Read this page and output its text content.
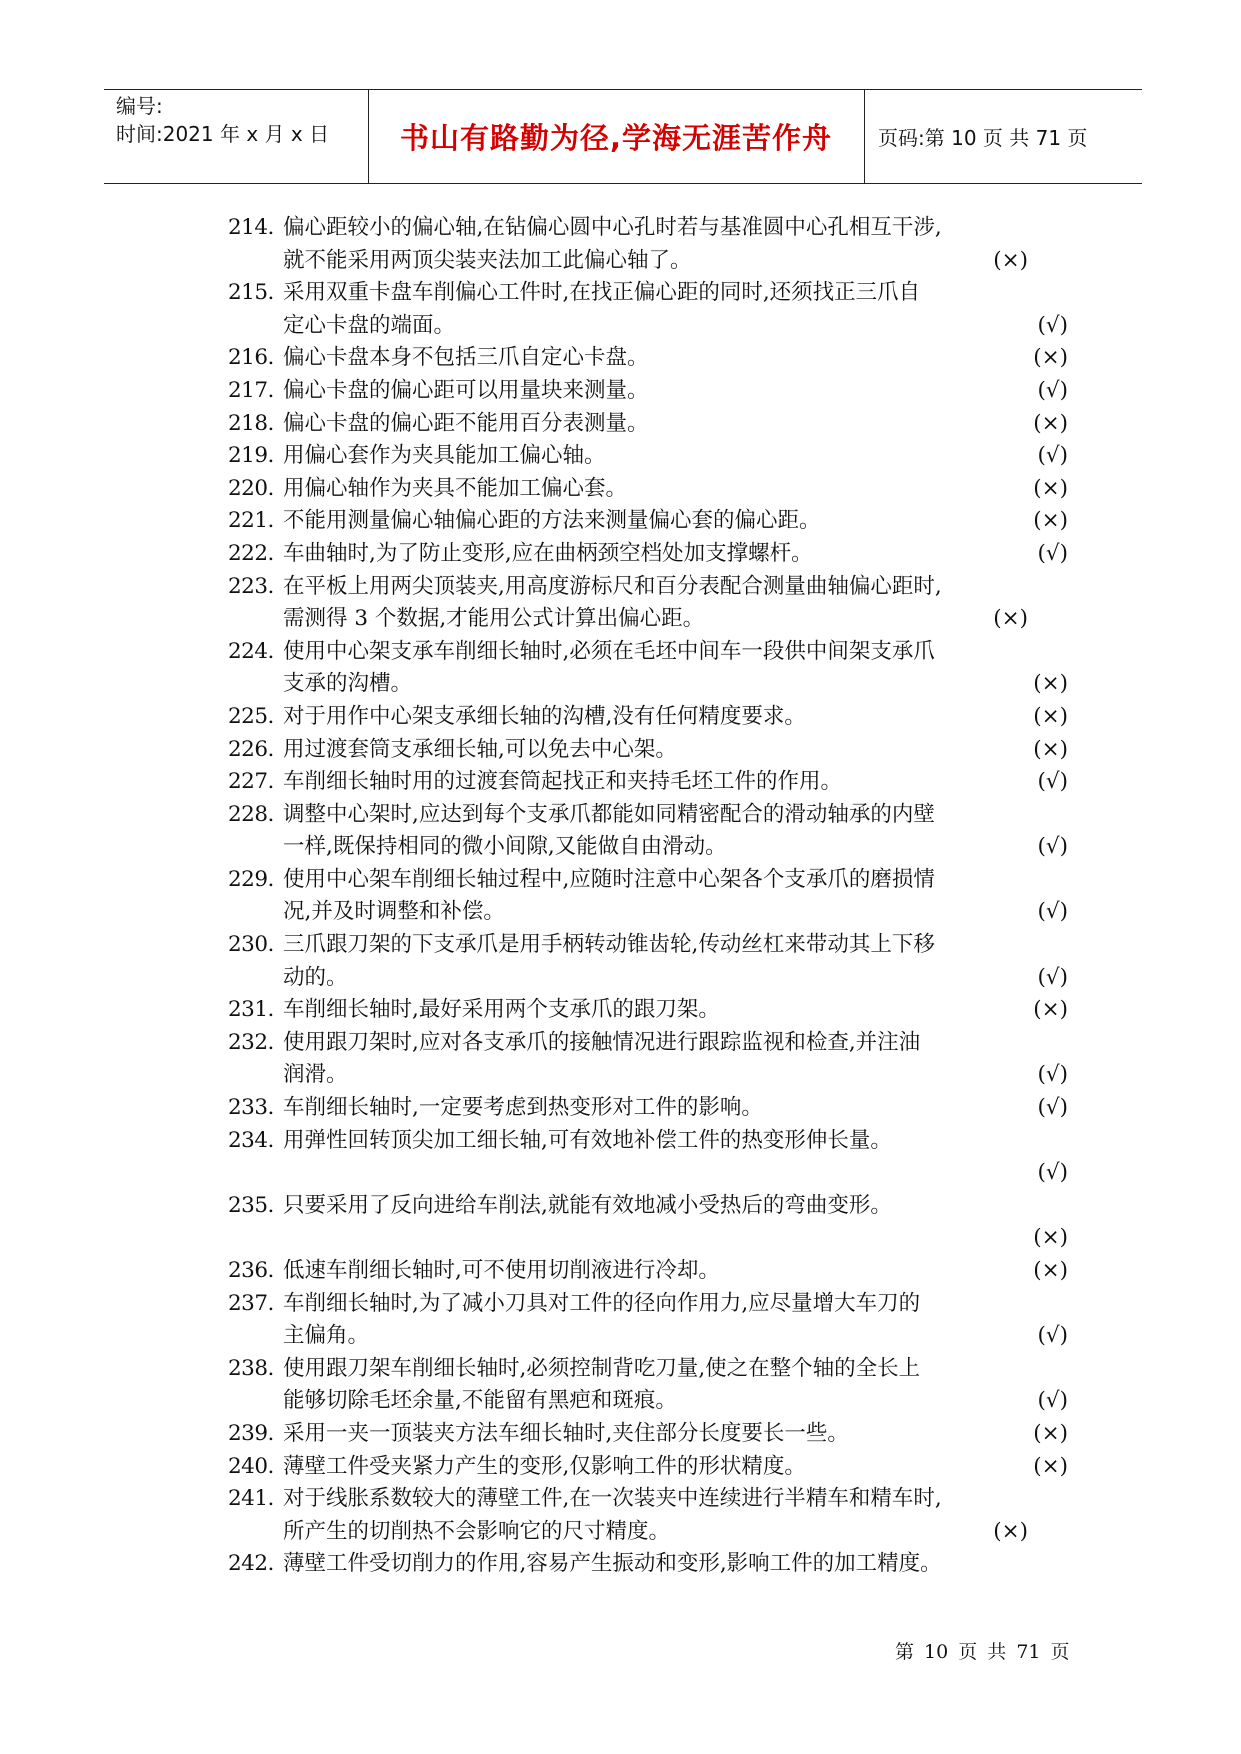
编号:
时间:2021 年 x 月 x 日	书山有路勤为径,学海无涯苦作舟	页码:第 10 页 共 71 页
214. 偏心距较小的偏心轴,在钻偏心圆中心孔时若与基准圆中心孔相互干涉,
就不能采用两顶尖装夹法加工此偏心轴了。	(×)
215. 采用双重卡盘车削偏心工件时,在找正偏心距的同时,还须找正三爪自
定心卡盘的端面。	(√)
216. 偏心卡盘本身不包括三爪自定心卡盘。	(×)
217. 偏心卡盘的偏心距可以用量块来测量。	(√)
218. 偏心卡盘的偏心距不能用百分表测量。	(×)
219. 用偏心套作为夹具能加工偏心轴。	(√)
220. 用偏心轴作为夹具不能加工偏心套。	(×)
221. 不能用测量偏心轴偏心距的方法来测量偏心套的偏心距。	(×)
222. 车曲轴时,为了防止变形,应在曲柄颈空档处加支撑螺杆。	(√)
223. 在平板上用两尖顶装夹,用高度游标尺和百分表配合测量曲轴偏心距时,
需测得 3 个数据,才能用公式计算出偏心距。	(×)
224. 使用中心架支承车削细长轴时,必须在毛坯中间车一段供中间架支承爪
支承的沟槽。	(×)
225. 对于用作中心架支承细长轴的沟槽,没有任何精度要求。	(×)
226. 用过渡套筒支承细长轴,可以免去中心架。	(×)
227. 车削细长轴时用的过渡套筒起找正和夹持毛坯工件的作用。	(√)
228. 调整中心架时,应达到每个支承爪都能如同精密配合的滑动轴承的内壁
一样,既保持相同的微小间隙,又能做自由滑动。	(√)
229. 使用中心架车削细长轴过程中,应随时注意中心架各个支承爪的磨损情
况,并及时调整和补偿。	(√)
230. 三爪跟刀架的下支承爪是用手柄转动锥齿轮,传动丝杠来带动其上下移
动的。	(√)
231. 车削细长轴时,最好采用两个支承爪的跟刀架。	(×)
232. 使用跟刀架时,应对各支承爪的接触情况进行跟踪监视和检查,并注油
润滑。	(√)
233. 车削细长轴时,一定要考虑到热变形对工件的影响。	(√)
234. 用弹性回转顶尖加工细长轴,可有效地补偿工件的热变形伸长量。
(√)
235. 只要采用了反向进给车削法,就能有效地减小受热后的弯曲变形。
(×)
236. 低速车削细长轴时,可不使用切削液进行冷却。	(×)
237. 车削细长轴时,为了减小刀具对工件的径向作用力,应尽量增大车刀的
主偏角。	(√)
238. 使用跟刀架车削细长轴时,必须控制背吃刀量,使之在整个轴的全长上
能够切除毛坯余量,不能留有黑疤和斑痕。	(√)
239. 采用一夹一顶装夹方法车细长轴时,夹住部分长度要长一些。	(×)
240. 薄壁工件受夹紧力产生的变形,仅影响工件的形状精度。	(×)
241. 对于线胀系数较大的薄壁工件,在一次装夹中连续进行半精车和精车时,
所产生的切削热不会影响它的尺寸精度。	(×)
242. 薄壁工件受切削力的作用,容易产生振动和变形,影响工件的加工精度。
第 10 页 共 71 页
